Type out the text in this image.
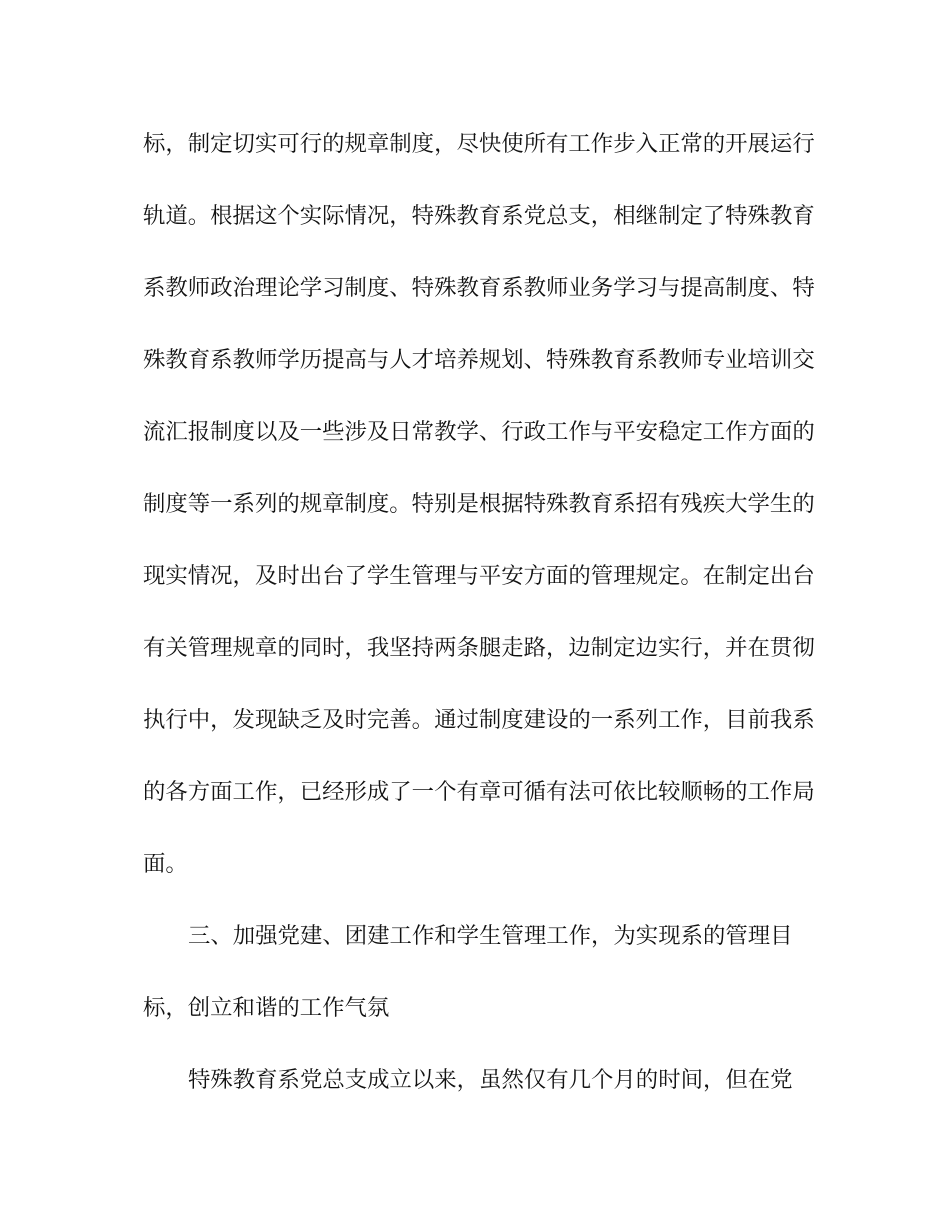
标，制定切实可行的规章制度，尽快使所有工作步入正常的开展运行
轨道。根据这个实际情况，特殊教育系党总支，相继制定了特殊教育
系教师政治理论学习制度、特殊教育系教师业务学习与提高制度、特
殊教育系教师学历提高与人才培养规划、特殊教育系教师专业培训交
流汇报制度以及一些涉及日常教学、行政工作与平安稳定工作方面的
制度等一系列的规章制度。特别是根据特殊教育系招有残疾大学生的
现实情况，及时出台了学生管理与平安方面的管理规定。在制定出台
有关管理规章的同时，我坚持两条腿走路，边制定边实行，并在贯彻
执行中，发现缺乏及时完善。通过制度建设的一系列工作，目前我系
的各方面工作，已经形成了一个有章可循有法可依比较顺畅的工作局
面。
三、加强党建、团建工作和学生管理工作，为实现系的管理目
标，创立和谐的工作气氛
特殊教育系党总支成立以来，虽然仅有几个月的时间，但在党
